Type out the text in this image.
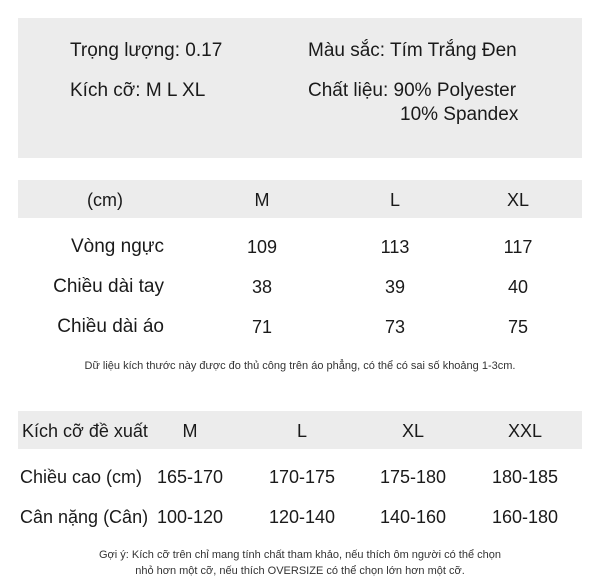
Trọng lượng: 0.17	Màu sắc: Tím Trắng Đen
Kích cỡ: M L XL	Chất liệu: 90% Polyester
10% Spandex
(cm)	M	L	XL
Vòng ngực	109	113	117
Chiều dài tay	38	39	40
Chiều dài áo	71	73	75
Dữ liệu kích thước này được đo thủ công trên áo phẳng, có thể có sai số khoảng 1-3cm.
Kích cỡ đề xuất	M	L	XL	XXL
Chiều cao (cm) 165-170	170-175	175-180	180-185
Cân nặng (Cân) 100-120	120-140	140-160	160-180
Gợi ý: Kích cỡ trên chỉ mang tính chất tham khảo, nếu thích ôm người có thể chọn
nhỏ hơn một cỡ, nếu thích OVERSIZE có thể chọn lớn hơn một cỡ.
